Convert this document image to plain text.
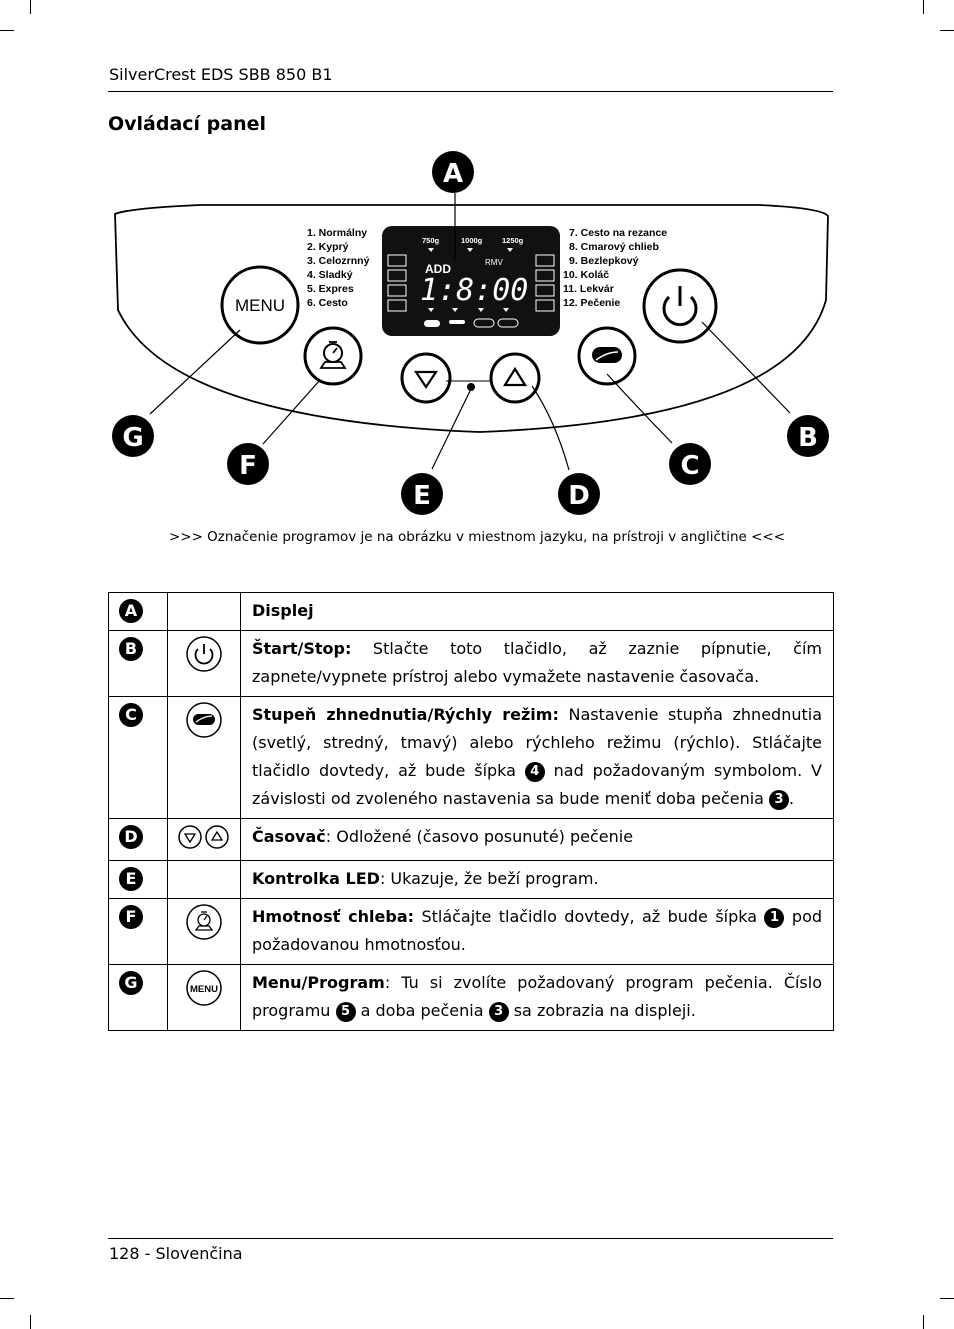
SilverCrest EDS SBB 850 B1
Ovládací panel
750g	1000g	1250g
ADD	RMV
1:8:00
1. Normálny
2. Kyprý
3. Celozrnný
4. Sladký
5. Expres
6. Cesto
7. Cesto na rezance
8. Cmarový chlieb
9. Bezlepkový
10. Koláč
11. Lekvár
12. Pečenie
MENU
A
B
C
D
E
F
G
>>> Označenie programov je na obrázku v miestnom jazyku, na prístroji v angličtine <<<
A		Displej
B		Štart/Stop: Stlačte toto tlačidlo, až zaznie pípnutie, čím zapnete/vypnete prístroj alebo vymažete nastavenie časovača.
C		Stupeň zhnednutia/Rýchly režim: Nastavenie stupňa zhnednutia (svetlý, stredný, tmavý) alebo rýchleho režimu (rýchlo). Stláčajte tlačidlo dovtedy, až bude šípka 4 nad požadovaným symbolom. V závislosti od zvoleného nastavenia sa bude meniť doba pečenia 3 .
D		Časovač: Odložené (časovo posunuté) pečenie
E		Kontrolka LED: Ukazuje, že beží program.
F		Hmotnosť chleba: Stláčajte tlačidlo dovtedy, až bude šípka 1 pod požadovanou hmotnosťou.
G	MENU	Menu/Program: Tu si zvolíte požadovaný program pečenia. Číslo programu 5 a doba pečenia 3 sa zobrazia na displeji.
128 - Slovenčina
